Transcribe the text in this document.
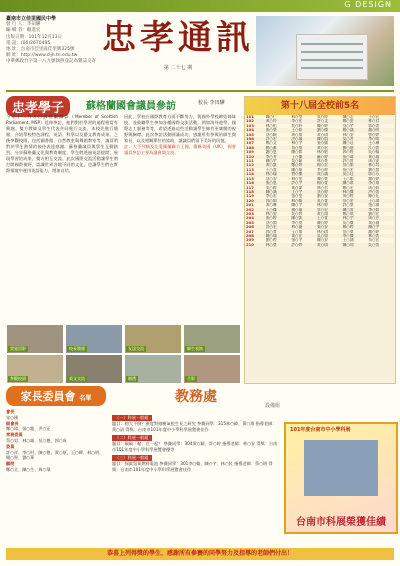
G DESIGN
臺南市立佳里國民中學
發 行 人：李田驊
編 輯 者：賴進宏
出版日期：101年12月13日
電 話：(06)2670495
地 址：台南市佳里區佳里興325號
網 址：http://www.cljh.tn.edu.tw
中華郵政台字第一八九號執照登記為雜誌交寄
忠孝通訊
第 二十七 期
忠孝學子	蘇格蘭國會議員參訪	校長 李田驊
今年十二月五日蘇格蘭議員（Member of Scottish Parliament, MSP）延伸參訪，他們對於學習的過程相當有興趣。雙方教師及學生代表共同進行交流，本校先進行簡報，介紹學校特色課程，英語、科學以及藝文教育成果。之後參觀校園，包括圖書館、自然教室與舞蹈教室等，議員們對於學生熱情的接待表達感謝。蘇格蘭議員與學生互動熱烈，分享蘇格蘭文化與教育制度，學生們透過英語提問，展現學習的成果，雙方相互交流。此次國際交流活動讓學生們打開國際視野，認識世界各地不同的文化，也讓學生們在實際情境中運用英語能力，增加自信。
因此，學校在國際教育方面不斷努力，與國外學校締結姊妹校，並鼓勵學生參加各種國際交流活動，例如海外遊學、國際志工服務等等，希望透過這些活動讓學生擁有更廣闊的視野與胸襟。此次參訪活動圓滿成功，感謝所有參與的師生與家長，以及相關單位的協助，讓議員們留下美好的回憶。
註：大不列顛及北愛爾蘭聯合王國，簡稱英國（UK），國會議員參訪主要為議會間交流。
貴賓留影	校長簡報	友誼交流	師生表演
參觀校園	英文交流	贈禮	合影
第十八屆全校前5名
101	陳○仁	林○瑩	吳○婷	陳○志	王○宏
102	黃○伶	李○宏	許○文	鄭○安	林○君
103	林○佑	吳○軒	陳○婷	蔡○宇	郭○萱
104	張○豪	王○如	劉○傑	楊○涵	謝○明
105	蔡○穎	周○翔	黃○琪	林○安	曾○婷
106	許○宏	洪○瑜	陳○凱	吳○菁	李○晴
107	鄭○文	林○宇	張○儀	陳○廷	王○琳
108	楊○雅	蔡○豪	黃○宏	劉○庭	江○萱
109	謝○恩	陳○如	林○皓	郭○婷	吳○翰
110	李○芳	王○傑	蘇○婷	張○瑋	黃○瑜
111	陳○宇	吳○穎	林○豪	許○萱	周○安
112	黃○凱	鄭○婷	楊○宏	蔡○如	林○均
113	王○萱	陳○翔	李○婷	張○宏	劉○慧
114	林○瑜	曾○傑	黃○涵	吳○廷	郭○芬
115	蔡○安	林○雯	陳○豪	王○如	謝○婷
116	張○恩	許○宇	楊○萱	陳○琪	李○翔
117	吳○婷	黃○偉	林○君	鄭○宏	周○如
118	陳○涵	王○宇	蔡○婷	林○傑	洪○萱
119	李○宏	張○瑩	劉○安	黃○婷	陳○廷
120	郭○如	林○翰	吳○萱	蔡○宏	王○琪
201	黃○琳	陳○宇	林○婷	許○豪	張○涵
202	王○傑	楊○瑜	蔡○宏	陳○萱	李○如
203	林○安	吳○婷	黃○翔	鄭○琪	劉○宏
204	張○婷	陳○凱	王○萱	林○宇	周○芳
205	蔡○如	李○豪	陳○婷	吳○傑	黃○瑜
206	許○宏	林○涵	張○安	楊○婷	陳○宇
207	郭○萱	王○翔	林○琪	蔡○豪	謝○婷
208	陳○瑜	黃○宏	吳○如	李○傑	林○萱
209	劉○婷	張○宇	陳○安	王○涵	蔡○宏
210	林○豪	許○婷	黃○琪	陳○翔	吳○萱
家長委員會 名單
會長
宋○國
副會長
鄭○璋、張○龍、洪○正
常務委員
蔡○男、林○雄、吳○德、郭○成
委員
許○祥、李○村、陳○德、黃○原、王○輝、林○明、楊○智、劉○華
顧問
鄭○全、陳○生、周○華
教務處
設備組
（一）科展一般組
題目：榕大不倒？溼度對榕樹氣根生長之研究 參賽同學：315林○緯、黃○翔 指導老師：黃○清 得獎：台南市101年度中小學科學展覽會佳作
（二）科展一般組
題目：碳碳「黏」在一起？ 參賽同學：304黃○穎、許○婷 指導老師：林○安 得獎：台南市101年度中小學科學展覽會優等
（三）科展一般組
題目：探索氫氧燃料電池 參賽同學：301李○翰、陳○宇、林○民 指導老師：蔡○明 得獎：台南市101年度中小學科學展覽會佳作
101年度台南市中小學科展
台南市科展榮獲佳績
恭喜上列得獎的學生，感謝所有參賽的同學努力及指導的老師們付出！
